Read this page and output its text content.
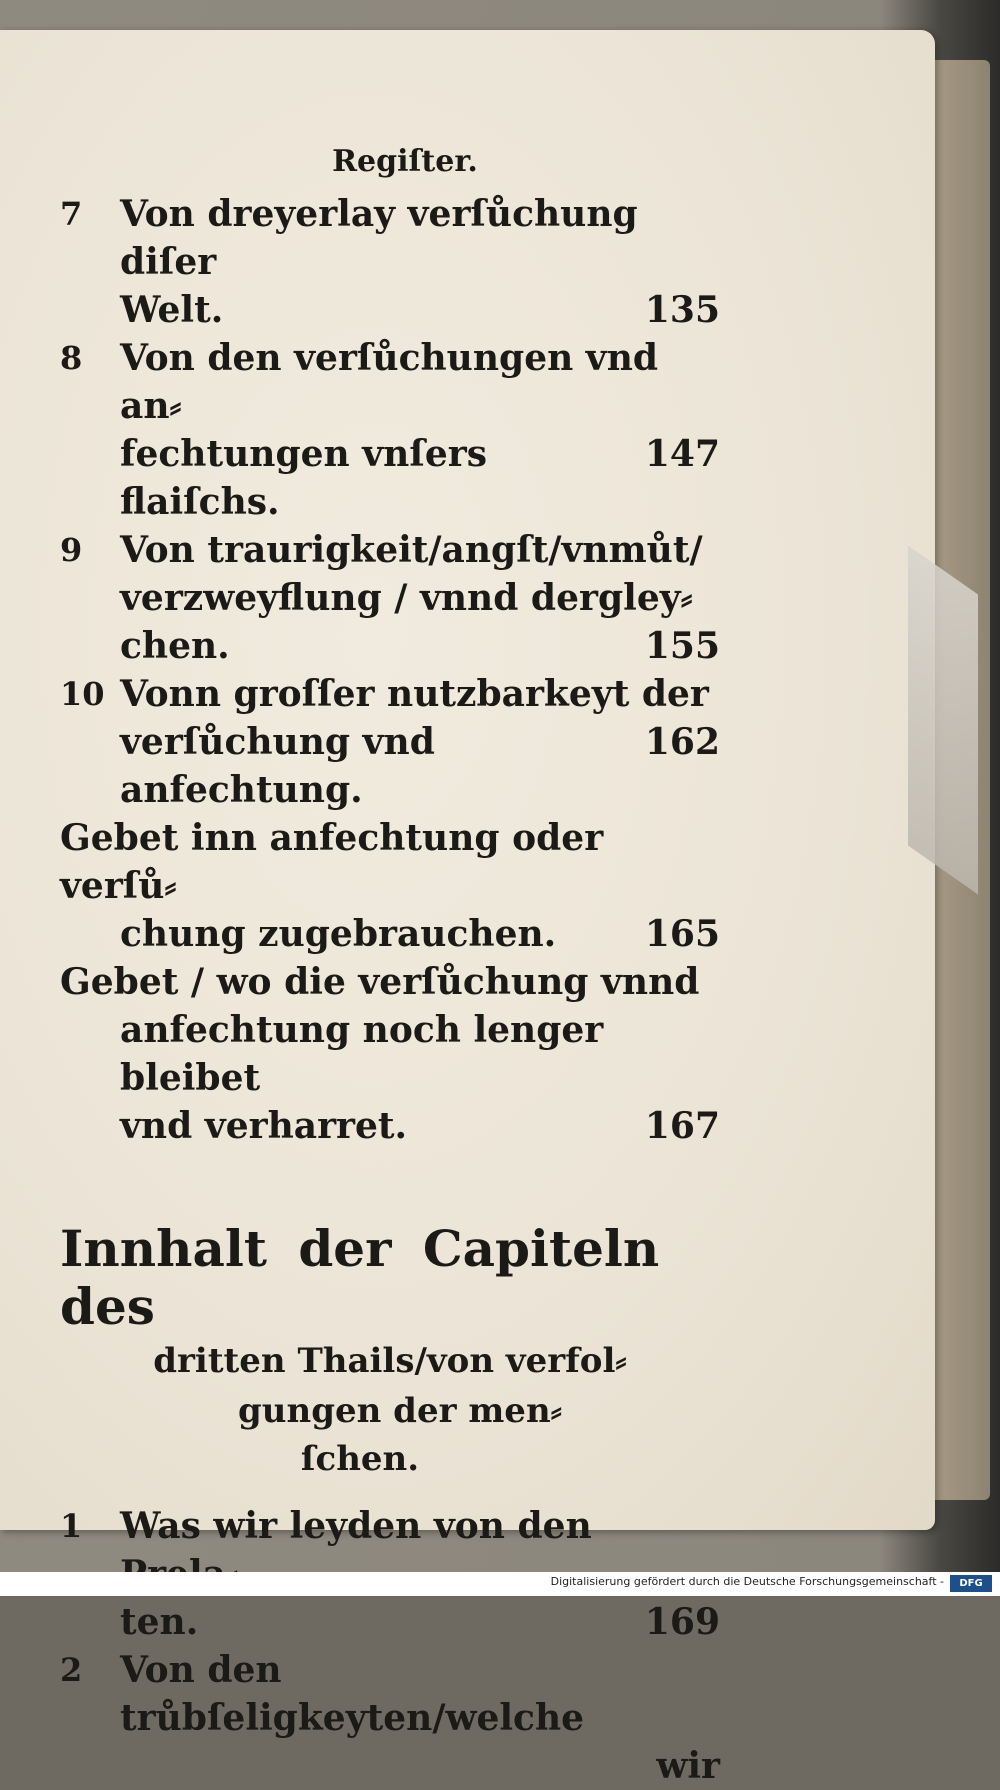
Regiſter.
7	Von dreyerlay verſůchung diſer
Welt.	135
8	Von den verſůchungen vnd an⸗
fechtungen vnſers flaiſchs.
147
9	Von traurigkeit/angſt/vnmůt/
verzweyflung / vnnd dergley⸗
chen.	155
10 Vonn groſſer nutzbarkeyt der
verſůchung vnd anfechtung.
162
Gebet inn anfechtung oder verſů⸗
chung zugebrauchen. 165
Gebet / wo die verſůchung vnnd
anfechtung noch lenger bleibet
vnd verharret.	167
Innhalt der Capiteln des
dritten Thails/von verfol⸗
gungen der men⸗
ſchen.
1	Was wir leyden von den
ten.	169
2	Von den trůbſeligkeyten/welche
wir
Digitalisierung gefördert durch die Deutsche Forschungsgemeinschaft -	DFG
